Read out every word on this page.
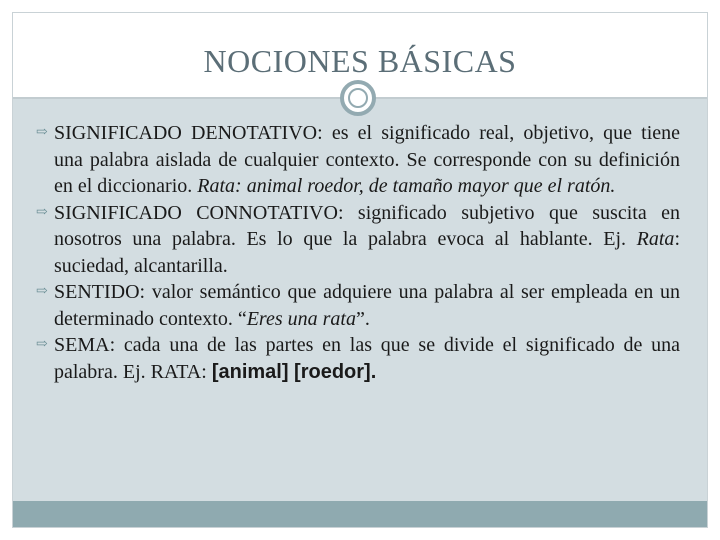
NOCIONES BÁSICAS
⇨ SIGNIFICADO DENOTATIVO: es el significado real, objetivo, que tiene una palabra aislada de cualquier contexto. Se corresponde con su definición en el diccionario. Rata: animal roedor, de tamaño mayor que el ratón.
⇨ SIGNIFICADO CONNOTATIVO: significado subjetivo que suscita en nosotros una palabra. Es lo que la palabra evoca al hablante. Ej. Rata: suciedad, alcantarilla.
⇨ SENTIDO: valor semántico que adquiere una palabra al ser empleada en un determinado contexto. “Eres una rata”.
⇨ SEMA: cada una de las partes en las que se divide el significado de una palabra. Ej. RATA: [animal] [roedor].
